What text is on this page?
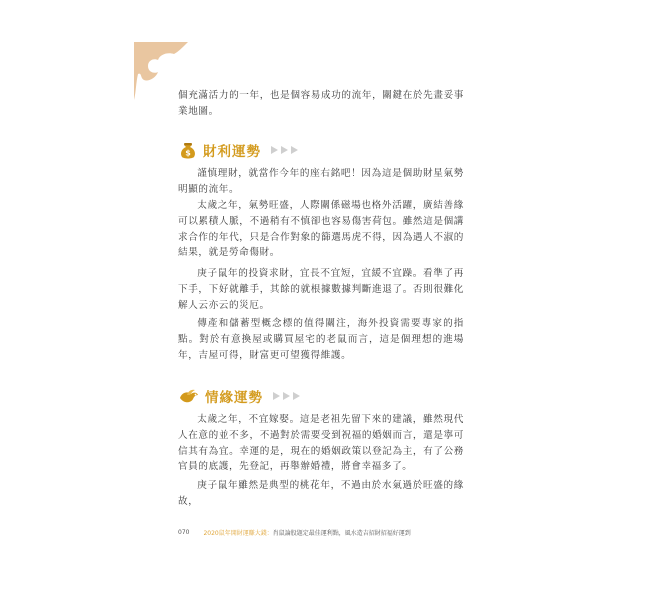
個充滿活力的一年，也是個容易成功的流年，關鍵在於先畫妥事業地圖。

$ 財利運勢

謹慎理財，就當作今年的座右銘吧！因為這是個助財星氣勢明顯的流年。

太歲之年，氣勢旺盛，人際關係磁場也格外活躍，廣結善緣可以累積人脈，不過稍有不慎卻也容易傷害荷包。雖然這是個講求合作的年代，只是合作對象的篩選馬虎不得，因為遇人不淑的結果，就是勞命傷財。

庚子鼠年的投資求財，宜長不宜短，宜緩不宜躁。看準了再下手，下好就離手，其餘的就根據數據判斷進退了。否則很難化解人云亦云的災厄。

傳產和儲蓄型概念標的值得關注，海外投資需要專家的指點。對於有意換屋或購買屋宅的老鼠而言，這是個理想的進場年，吉屋可得，財富更可望獲得維護。

情緣運勢

太歲之年，不宜嫁娶。這是老祖先留下來的建議，雖然現代人在意的並不多，不過對於需要受到祝福的婚姻而言，還是寧可信其有為宜。幸運的是，現在的婚姻政策以登記為主，有了公務官員的底護，先登記，再舉辦婚禮，將會幸福多了。

庚子鼠年雖然是典型的桃花年，不過由於水氣過於旺盛的緣故，

070 2020鼠年開財運賺大錢： 肖鼠論股題定最佳運利點，風水造吉招財招福好運到
